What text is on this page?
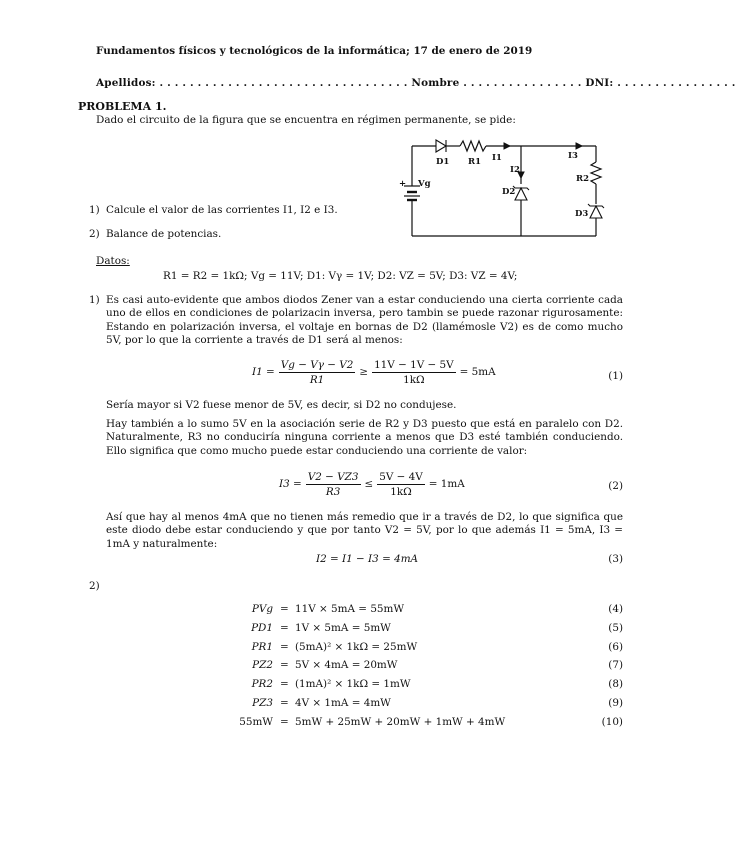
Fundamentos físicos y tecnológicos de la informática; 17 de enero de 2019
Apellidos: . . . . . . . . . . . . . . . . . . . . . . . . . . . . . . . . . Nombre . . . . . . . . . . . . . . . . DNI: . . . . . . . . . . . . . . . .
PROBLEMA 1.
Dado el circuito de la figura que se encuentra en régimen permanente, se pide:
1) Calcule el valor de las corrientes I1, I2 e I3.
2) Balance de potencias.
Datos:
R1 = R2 = 1kΩ; Vg = 11V; D1: Vγ = 1V; D2: VZ = 5V; D3: VZ = 4V;
D1 R1 I1
I2
I3
D2
R2
D3
Vg
+
1) Es casi auto-evidente que ambos diodos Zener van a estar conduciendo una cierta corriente cada uno de ellos en condiciones de polarizacin inversa, pero tambin se puede razonar rigurosamente: Estando en polarización inversa, el voltaje en bornas de D2 (llamémosle V2) es de como mucho 5V, por lo que la corriente a través de D1 será al menos:
$I1 = \frac{Vg - V\gamma - V2}{R1} \ge \frac{11V - 1V - 5V}{1k\Omega} = 5mA$	(1)
Sería mayor si V2 fuese menor de 5V, es decir, si D2 no condujese.
Hay también a lo sumo 5V en la asociación serie de R2 y D3 puesto que está en paralelo con D2. Naturalmente, R3 no conduciría ninguna corriente a menos que D3 esté también conduciendo. Ello significa que como mucho puede estar conduciendo una corriente de valor:
$I3 = \frac{V2 - VZ3}{R3} \le \frac{5V - 4V}{1k\Omega} = 1mA$	(2)
Así que hay al menos 4mA que no tienen más remedio que ir a través de D2, lo que significa que este diodo debe estar conduciendo y que por tanto V2 = 5V, por lo que además I1 = 5mA, I3 = 1mA y naturalmente:
I2 = I1 − I3 = 4mA	(3)
2)
PVg = 11V × 5mA = 55mW	(4)
PD1 = 1V × 5mA = 5mW	(5)
PR1 = (5mA)² × 1kΩ = 25mW	(6)
PZ2 = 5V × 4mA = 20mW	(7)
PR2 = (1mA)² × 1kΩ = 1mW	(8)
PZ3 = 4V × 1mA = 4mW	(9)
55mW = 5mW + 25mW + 20mW + 1mW + 4mW	(10)
